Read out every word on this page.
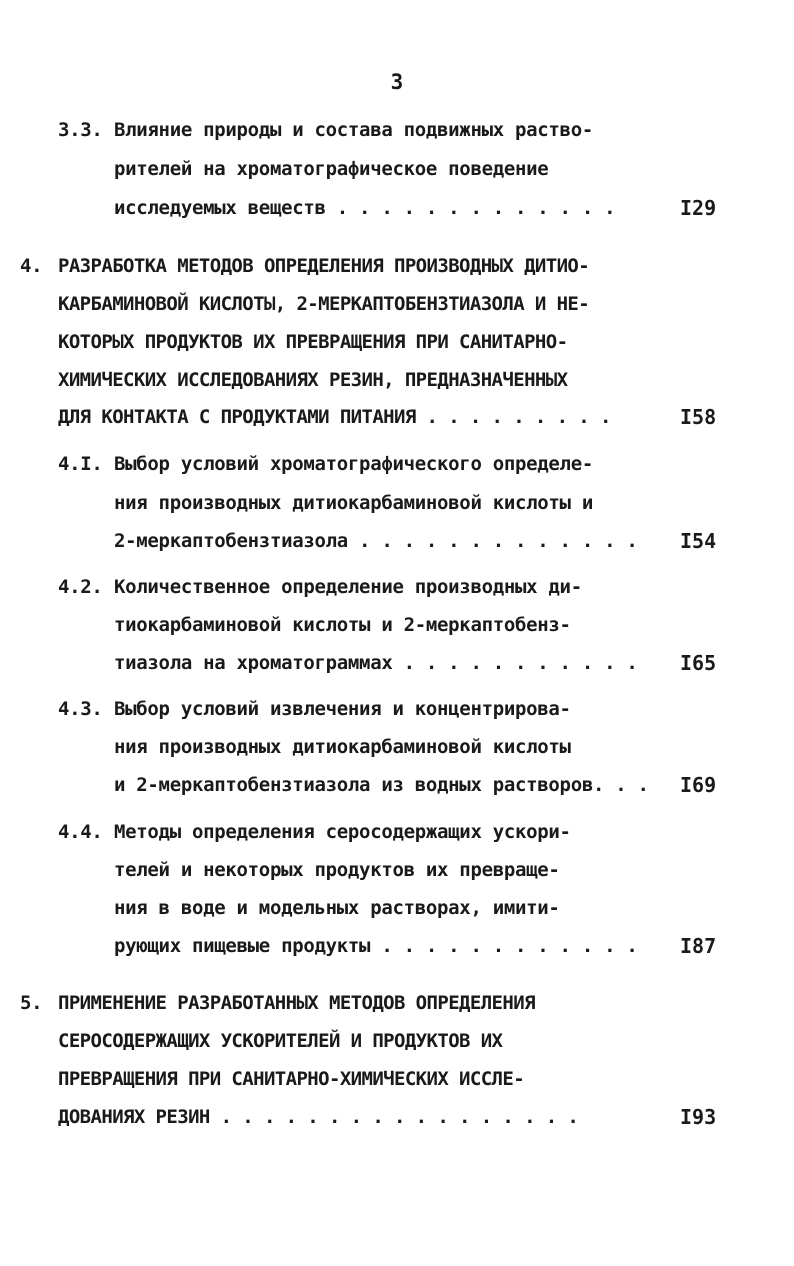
3
3.3. Влияние природы и состава подвижных раство-
рителей на хроматографическое поведение
исследуемых веществ . . . . . . . . . . . . .	I29
4. РАЗРАБОТКА МЕТОДОВ ОПРЕДЕЛЕНИЯ ПРОИЗВОДНЫХ ДИТИО-
КАРБАМИНОВОЙ КИСЛОТЫ, 2-МЕРКАПТОБЕНЗТИАЗОЛА И НЕ-
КОТОРЫХ ПРОДУКТОВ ИХ ПРЕВРАЩЕНИЯ ПРИ САНИТАРНО-
ХИМИЧЕСКИХ ИССЛЕДОВАНИЯХ РЕЗИН, ПРЕДНАЗНАЧЕННЫХ
ДЛЯ КОНТАКТА С ПРОДУКТАМИ ПИТАНИЯ . . . . . . . . .	I58
4.I. Выбор условий хроматографического определе-
ния производных дитиокарбаминовой кислоты и
2-меркаптобензтиазола . . . . . . . . . . . . . I54
4.2. Количественное определение производных ди-
тиокарбаминовой кислоты и 2-меркаптобенз-
тиазола на хроматограммах . . . . . . . . . . . I65
4.3. Выбор условий извлечения и концентрирова-
ния производных дитиокарбаминовой кислоты
и 2-меркаптобензтиазола из водных растворов. . . I69
4.4. Методы определения серосодержащих ускори-
телей и некоторых продуктов их превраще-
ния в воде и модельных растворах, имити-
рующих пищевые продукты . . . . . . . . . . . . I87
5. ПРИМЕНЕНИЕ РАЗРАБОТАННЫХ МЕТОДОВ ОПРЕДЕЛЕНИЯ
СЕРОСОДЕРЖАЩИХ УСКОРИТЕЛЕЙ И ПРОДУКТОВ ИХ
ПРЕВРАЩЕНИЯ ПРИ САНИТАРНО-ХИМИЧЕСКИХ ИССЛЕ-
ДОВАНИЯХ РЕЗИН . . . . . . . . . . . . . . . . .	I93
